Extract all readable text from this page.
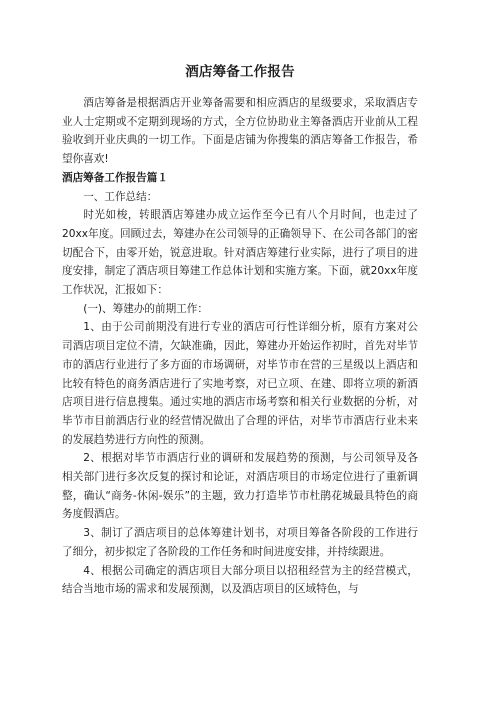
酒店筹备工作报告

酒店筹备是根据酒店开业筹备需要和相应酒店的星级要求，采取酒店专业人士定期或不定期到现场的方式，全方位协助业主筹备酒店开业前从工程验收到开业庆典的一切工作。下面是店铺为你搜集的酒店筹备工作报告，希望你喜欢!

酒店筹备工作报告篇１

一、工作总结：

时光如梭，转眼酒店筹建办成立运作至今已有八个月时间，也走过了20xx年度。回顾过去，筹建办在公司领导的正确领导下、在公司各部门的密切配合下，由零开始，锐意进取。针对酒店筹建行业实际，进行了项目的进度安排，制定了酒店项目筹建工作总体计划和实施方案。下面，就20xx年度工作状况，汇报如下：

(一)、筹建办的前期工作：

1、由于公司前期没有进行专业的酒店可行性详细分析，原有方案对公司酒店项目定位不清，欠缺准确，因此，筹建办开始运作初时，首先对毕节市的酒店行业进行了多方面的市场调研，对毕节市在营的三星级以上酒店和比较有特色的商务酒店进行了实地考察，对已立项、在建、即将立项的新酒店项目进行信息搜集。通过实地的酒店市场考察和相关行业数据的分析，对毕节市目前酒店行业的经营情况做出了合理的评估，对毕节市酒店行业未来的发展趋势进行方向性的预测。

2、根据对毕节市酒店行业的调研和发展趋势的预测，与公司领导及各相关部门进行多次反复的探讨和论证，对酒店项目的市场定位进行了重新调整，确认“商务-休闲-娱乐”的主题，致力打造毕节市杜鹃花城最具特色的商务度假酒店。

3、制订了酒店项目的总体筹建计划书，对项目筹备各阶段的工作进行了细分，初步拟定了各阶段的工作任务和时间进度安排，并持续跟进。

4、根据公司确定的酒店项目大部分项目以招租经营为主的经营模式，结合当地市场的需求和发展预测，以及酒店项目的区域特色，与
